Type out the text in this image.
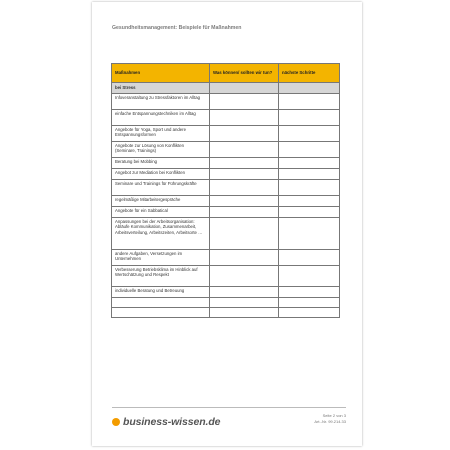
Gesundheitsmanagement: Beispiele für Maßnahmen
Maßnahmen	Was können/ sollten wir tun?	nächste Schritte
bei Stress		
Infoveranstaltung zu Stressfaktoren im Alltag		
einfache Entspannungstechniken im Alltag		
Angebote für Yoga, Sport und andere Entspannungsformen		
Angebote zur Lösung von Konflikten (Seminare, Trainings)		
Beratung bei Mobbing		
Angebot zur Mediation bei Konflikten		
Seminare und Trainings für Führungskräfte		
regelmäßige Mitarbeitergespräche		
Angebote für ein Sabbatical		
Anpassungen bei der Arbeitsorganisation: Abläufe Kommunikation, Zusammenarbeit, Arbeitsverteilung, Arbeitszeiten, Arbeitsorte …		
andere Aufgaben, Versetzungen im Unternehmen		
Verbesserung Betriebsklima im Hinblick auf Wertschätzung und Respekt		
individuelle Beratung und Betreuung		

business-wissen.de
Seite 2 von 3
Art.-Nr. 99.214.33
